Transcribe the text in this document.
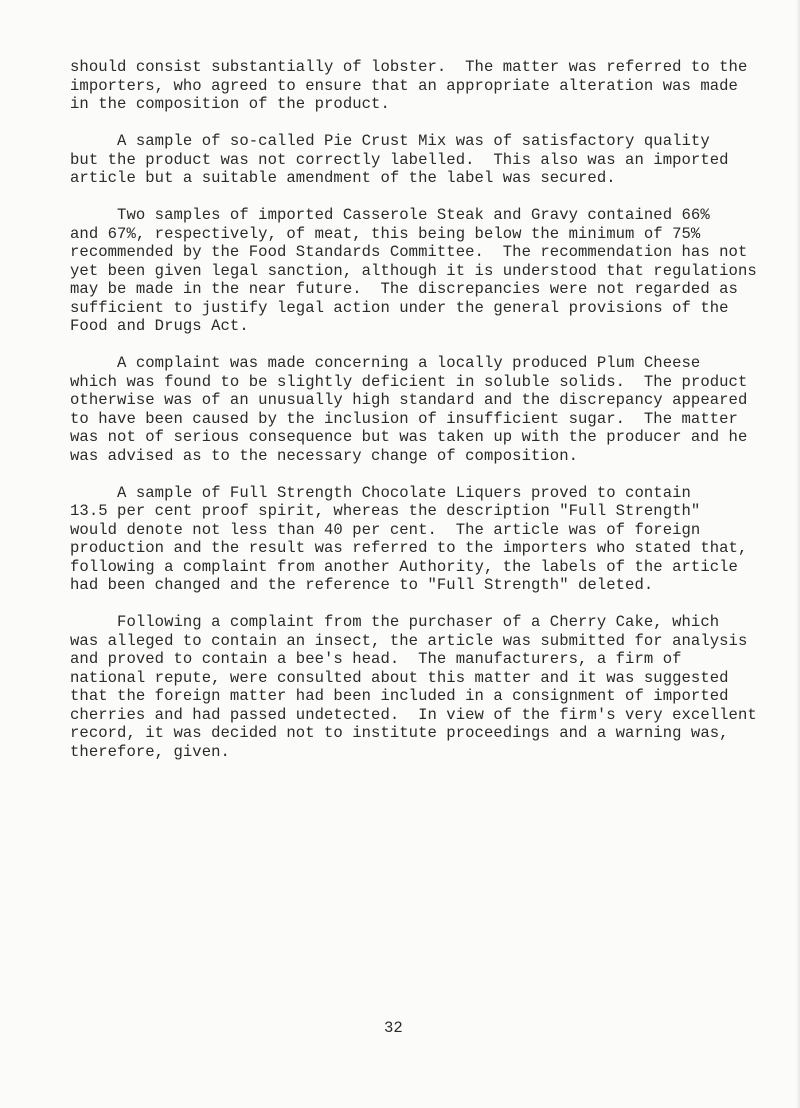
should consist substantially of lobster.  The matter was referred to the
importers, who agreed to ensure that an appropriate alteration was made
in the composition of the product.

A sample of so-called Pie Crust Mix was of satisfactory quality
but the product was not correctly labelled.  This also was an imported
article but a suitable amendment of the label was secured.

Two samples of imported Casserole Steak and Gravy contained 66%
and 67%, respectively, of meat, this being below the minimum of 75%
recommended by the Food Standards Committee.  The recommendation has not
yet been given legal sanction, although it is understood that regulations
may be made in the near future.  The discrepancies were not regarded as
sufficient to justify legal action under the general provisions of the
Food and Drugs Act.

A complaint was made concerning a locally produced Plum Cheese
which was found to be slightly deficient in soluble solids.  The product
otherwise was of an unusually high standard and the discrepancy appeared
to have been caused by the inclusion of insufficient sugar.  The matter
was not of serious consequence but was taken up with the producer and he
was advised as to the necessary change of composition.

A sample of Full Strength Chocolate Liquers proved to contain
13.5 per cent proof spirit, whereas the description "Full Strength"
would denote not less than 40 per cent.  The article was of foreign
production and the result was referred to the importers who stated that,
following a complaint from another Authority, the labels of the article
had been changed and the reference to "Full Strength" deleted.

Following a complaint from the purchaser of a Cherry Cake, which
was alleged to contain an insect, the article was submitted for analysis
and proved to contain a bee's head.  The manufacturers, a firm of
national repute, were consulted about this matter and it was suggested
that the foreign matter had been included in a consignment of imported
cherries and had passed undetected.  In view of the firm's very excellent
record, it was decided not to institute proceedings and a warning was,
therefore, given.

32
